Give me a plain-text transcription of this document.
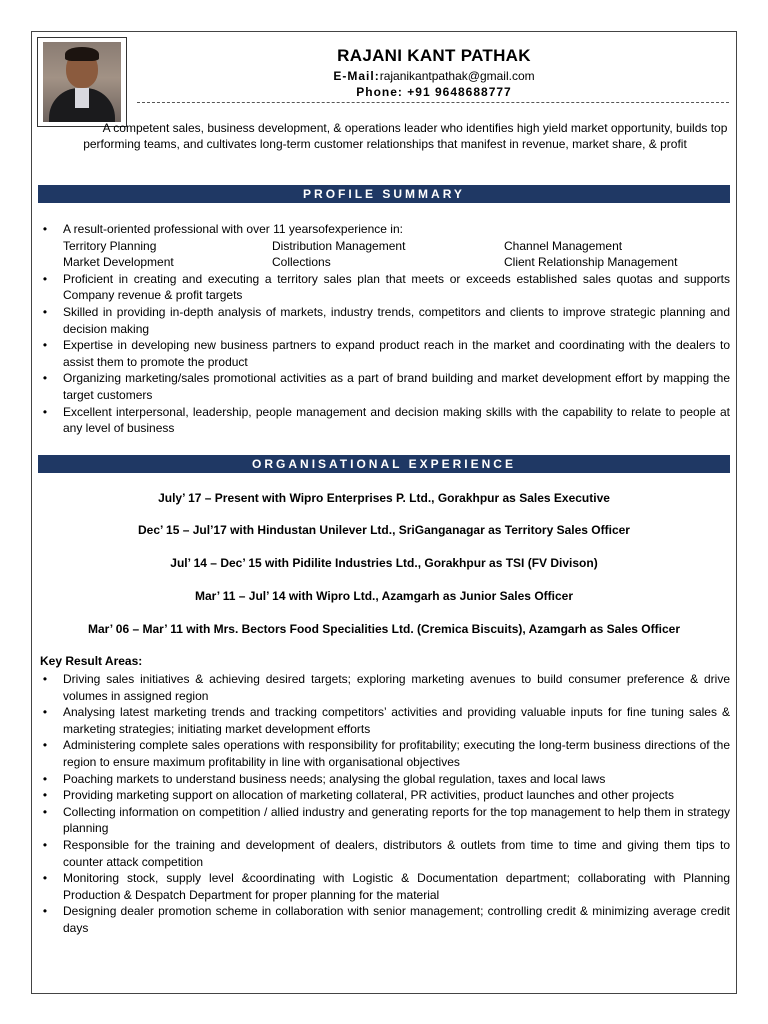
RAJANI KANT PATHAK
E-Mail:rajanikantpathak@gmail.com
Phone: +91 9648688777
A competent sales, business development, & operations leader who identifies high yield market opportunity, builds top performing teams, and cultivates long-term customer relationships that manifest in revenue, market share, & profit
PROFILE SUMMARY
• A result-oriented professional with over 11 yearsofexperience in:
Territory Planning	Distribution Management	Channel Management
Market Development	Collections	Client Relationship Management
• Proficient in creating and executing a territory sales plan that meets or exceeds established sales quotas and supports Company revenue & profit targets
• Skilled in providing in-depth analysis of markets, industry trends, competitors and clients to improve strategic planning and decision making
• Expertise in developing new business partners to expand product reach in the market and coordinating with the dealers to assist them to promote the product
• Organizing marketing/sales promotional activities as a part of brand building and market development effort by mapping the target customers
• Excellent interpersonal, leadership, people management and decision making skills with the capability to relate to people at any level of business
ORGANISATIONAL EXPERIENCE
July’ 17 – Present with Wipro Enterprises P. Ltd., Gorakhpur as Sales Executive
Dec’ 15 – Jul’17 with Hindustan Unilever Ltd., SriGanganagar as Territory Sales Officer
Jul’ 14 – Dec’ 15 with Pidilite Industries Ltd., Gorakhpur as TSI (FV Divison)
Mar’ 11 – Jul’ 14 with Wipro Ltd., Azamgarh as Junior Sales Officer
Mar’ 06 – Mar’ 11 with Mrs. Bectors Food Specialities Ltd. (Cremica Biscuits), Azamgarh as Sales Officer
Key Result Areas:
• Driving sales initiatives & achieving desired targets; exploring marketing avenues to build consumer preference & drive volumes in assigned region
• Analysing latest marketing trends and tracking competitors’ activities and providing valuable inputs for fine tuning sales & marketing strategies; initiating market development efforts
• Administering complete sales operations with responsibility for profitability; executing the long-term business directions of the region to ensure maximum profitability in line with organisational objectives
• Poaching markets to understand business needs; analysing the global regulation, taxes and local laws
• Providing marketing support on allocation of marketing collateral, PR activities, product launches and other projects
• Collecting information on competition / allied industry and generating reports for the top management to help them in strategy planning
• Responsible for the training and development of dealers, distributors & outlets from time to time and giving them tips to counter attack competition
• Monitoring stock, supply level &coordinating with Logistic & Documentation department; collaborating with Planning Production & Despatch Department for proper planning for the material
• Designing dealer promotion scheme in collaboration with senior management; controlling credit & minimizing average credit days
